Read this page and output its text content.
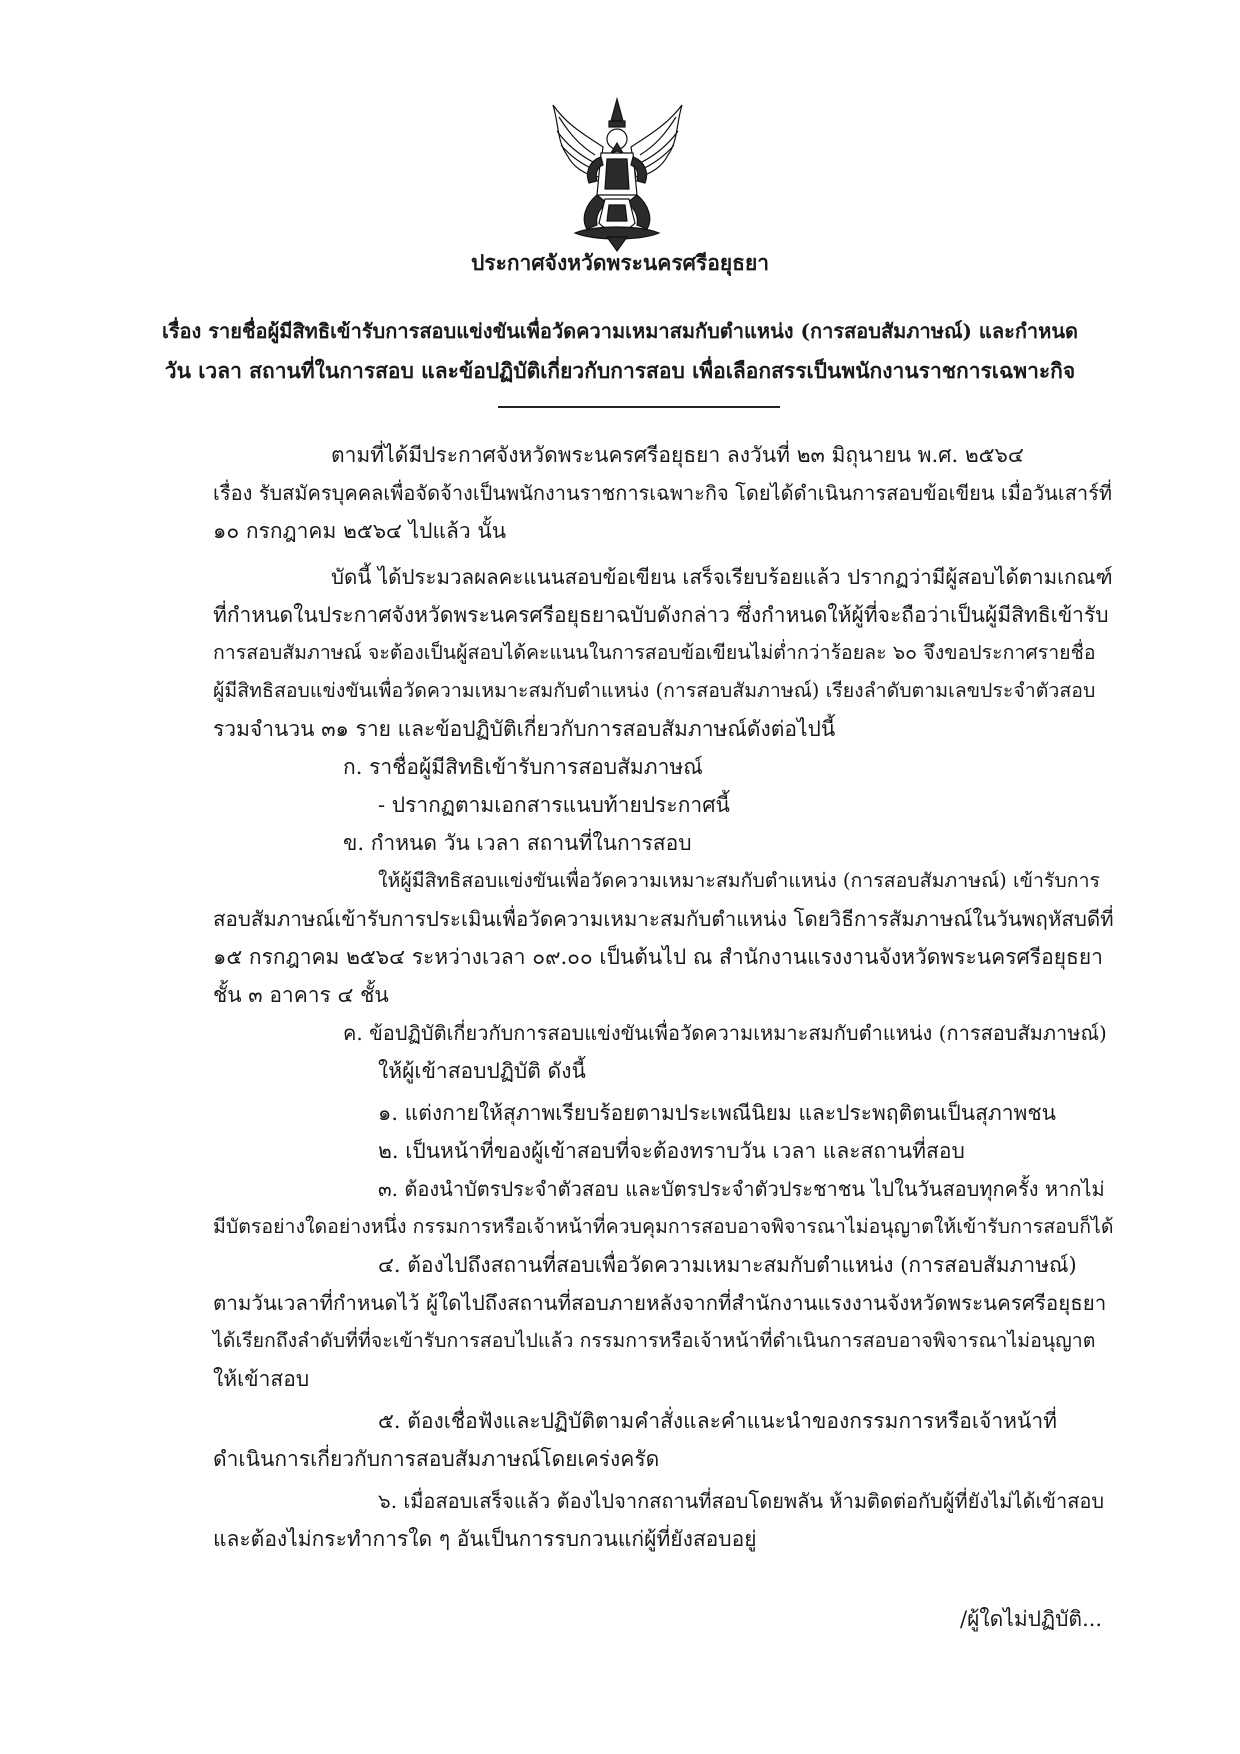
ประกาศจังหวัดพระนครศรีอยุธยา
เรื่อง รายชื่อผู้มีสิทธิเข้ารับการสอบแข่งขันเพื่อวัดความเหมาสมกับตำแหน่ง (การสอบสัมภาษณ์) และกำหนด
วัน เวลา สถานที่ในการสอบ และข้อปฏิบัติเกี่ยวกับการสอบ เพื่อเลือกสรรเป็นพนักงานราชการเฉพาะกิจ
ตามที่ได้มีประกาศจังหวัดพระนครศรีอยุธยา ลงวันที่ ๒๓ มิถุนายน พ.ศ. ๒๕๖๔
เรื่อง รับสมัครบุคคลเพื่อจัดจ้างเป็นพนักงานราชการเฉพาะกิจ โดยได้ดำเนินการสอบข้อเขียน เมื่อวันเสาร์ที่
๑๐ กรกฎาคม ๒๕๖๔ ไปแล้ว นั้น
บัดนี้ ได้ประมวลผลคะแนนสอบข้อเขียน เสร็จเรียบร้อยแล้ว ปรากฏว่ามีผู้สอบได้ตามเกณฑ์
ที่กำหนดในประกาศจังหวัดพระนครศรีอยุธยาฉบับดังกล่าว ซึ่งกำหนดให้ผู้ที่จะถือว่าเป็นผู้มีสิทธิเข้ารับ
การสอบสัมภาษณ์ จะต้องเป็นผู้สอบได้คะแนนในการสอบข้อเขียนไม่ต่ำกว่าร้อยละ ๖๐ จึงขอประกาศรายชื่อ
ผู้มีสิทธิสอบแข่งขันเพื่อวัดความเหมาะสมกับตำแหน่ง (การสอบสัมภาษณ์) เรียงลำดับตามเลขประจำตัวสอบ
รวมจำนวน ๓๑ ราย และข้อปฏิบัติเกี่ยวกับการสอบสัมภาษณ์ดังต่อไปนี้
ก. ราชื่อผู้มีสิทธิเข้ารับการสอบสัมภาษณ์
- ปรากฏตามเอกสารแนบท้ายประกาศนี้
ข. กำหนด วัน เวลา สถานที่ในการสอบ
ให้ผู้มีสิทธิสอบแข่งขันเพื่อวัดความเหมาะสมกับตำแหน่ง (การสอบสัมภาษณ์) เข้ารับการ
สอบสัมภาษณ์เข้ารับการประเมินเพื่อวัดความเหมาะสมกับตำแหน่ง โดยวิธีการสัมภาษณ์ในวันพฤหัสบดีที่
๑๕ กรกฎาคม ๒๕๖๔ ระหว่างเวลา ๐๙.๐๐ เป็นต้นไป ณ สำนักงานแรงงานจังหวัดพระนครศรีอยุธยา
ชั้น ๓ อาคาร ๔ ชั้น
ค. ข้อปฏิบัติเกี่ยวกับการสอบแข่งขันเพื่อวัดความเหมาะสมกับตำแหน่ง (การสอบสัมภาษณ์)
ให้ผู้เข้าสอบปฏิบัติ ดังนี้
๑. แต่งกายให้สุภาพเรียบร้อยตามประเพณีนิยม และประพฤติตนเป็นสุภาพชน
๒. เป็นหน้าที่ของผู้เข้าสอบที่จะต้องทราบวัน เวลา และสถานที่สอบ
๓. ต้องนำบัตรประจำตัวสอบ และบัตรประจำตัวประชาชน ไปในวันสอบทุกครั้ง หากไม่
มีบัตรอย่างใดอย่างหนึ่ง กรรมการหรือเจ้าหน้าที่ควบคุมการสอบอาจพิจารณาไม่อนุญาตให้เข้ารับการสอบก็ได้
๔. ต้องไปถึงสถานที่สอบเพื่อวัดความเหมาะสมกับตำแหน่ง (การสอบสัมภาษณ์)
ตามวันเวลาที่กำหนดไว้ ผู้ใดไปถึงสถานที่สอบภายหลังจากที่สำนักงานแรงงานจังหวัดพระนครศรีอยุธยา
ได้เรียกถึงลำดับที่ที่จะเข้ารับการสอบไปแล้ว กรรมการหรือเจ้าหน้าที่ดำเนินการสอบอาจพิจารณาไม่อนุญาต
ให้เข้าสอบ
๕. ต้องเชื่อฟังและปฏิบัติตามคำสั่งและคำแนะนำของกรรมการหรือเจ้าหน้าที่
ดำเนินการเกี่ยวกับการสอบสัมภาษณ์โดยเคร่งครัด
๖. เมื่อสอบเสร็จแล้ว ต้องไปจากสถานที่สอบโดยพลัน ห้ามติดต่อกับผู้ที่ยังไม่ได้เข้าสอบ
และต้องไม่กระทำการใด ๆ อันเป็นการรบกวนแก่ผู้ที่ยังสอบอยู่
/ผู้ใดไม่ปฏิบัติ...
